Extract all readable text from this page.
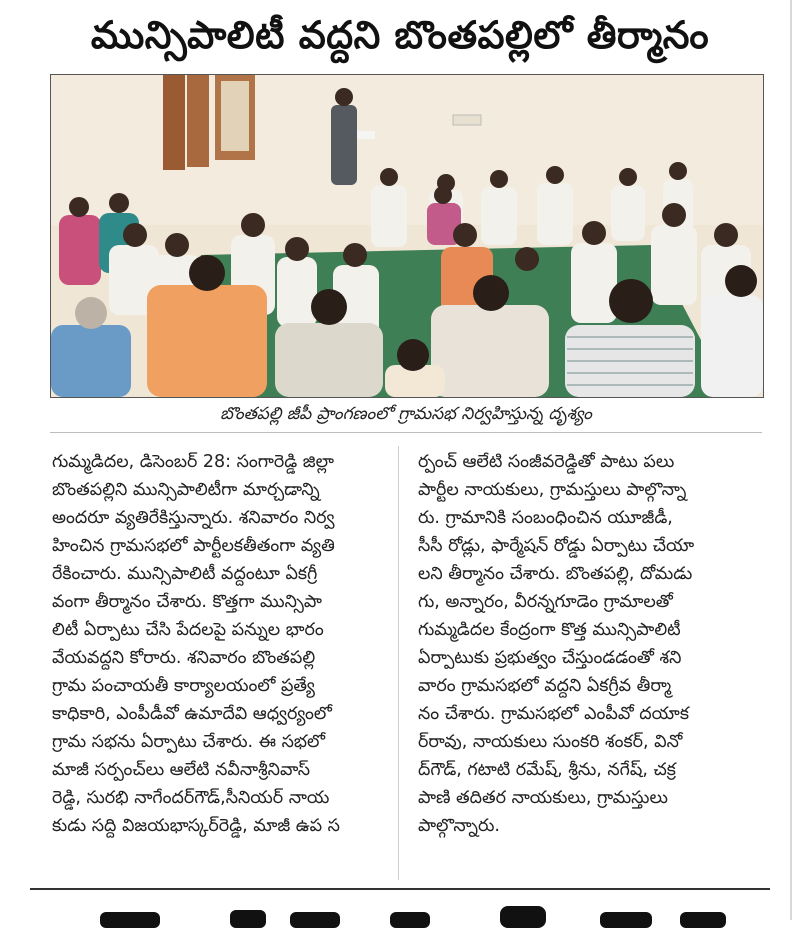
మున్సిపాలిటీ వద్దని బొంతపల్లిలో తీర్మానం
బొంతపల్లి జీపీ ప్రాంగణంలో గ్రామసభ నిర్వహిస్తున్న దృశ్యం
గుమ్మడిదల, డిసెంబర్ 28: సంగారెడ్డి జిల్లా
బొంతపల్లిని మున్సిపాలిటీగా మార్చడాన్ని
అందరూ వ్యతిరేకిస్తున్నారు. శనివారం నిర్వ
హించిన గ్రామసభలో పార్టీలకతీతంగా వ్యతి
రేకించారు. మున్సిపాలిటీ వద్దంటూ ఏకగ్రీ
వంగా తీర్మానం చేశారు. కొత్తగా మున్సిపా
లిటీ ఏర్పాటు చేసి పేదలపై పన్నుల భారం
వేయవద్దని కోరారు. శనివారం బొంతపల్లి
గ్రామ పంచాయతీ కార్యాలయంలో ప్రత్యే
కాధికారి, ఎంపీడీవో ఉమాదేవి ఆధ్వర్యంలో
గ్రామ సభను ఏర్పాటు చేశారు. ఈ సభలో
మాజీ సర్పంచ్‌లు ఆలేటి నవీనాశ్రీనివాస్
రెడ్డి, సురభి నాగేందర్‌గౌడ్,సీనియర్ నాయ
కుడు సద్ది విజయభాస్కర్‌రెడ్డి, మాజీ ఉప స
ర్పంచ్ ఆలేటి సంజీవరెడ్డితో పాటు పలు
పార్టీల నాయకులు, గ్రామస్తులు పాల్గొన్నా
రు. గ్రామానికి సంబంధించిన యూజీడీ,
సీసీ రోడ్లు, ఫార్మేషన్ రోడ్డు ఏర్పాటు చేయా
లని తీర్మానం చేశారు. బొంతపల్లి, దోమడు
గు, అన్నారం, వీరన్నగూడెం గ్రామాలతో
గుమ్మడిదల కేంద్రంగా కొత్త మున్సిపాలిటీ
ఏర్పాటుకు ప్రభుత్వం చేస్తుండడంతో శని
వారం గ్రామసభలో వద్దని ఏకగ్రీవ తీర్మా
నం చేశారు. గ్రామసభలో ఎంపీవో దయాక
ర్‌రావు, నాయకులు సుంకరి శంకర్, వినో
ద్‌గౌడ్, గటాటి రమేష్, శ్రీను, నగేష్, చక్ర
పాణి తదితర నాయకులు, గ్రామస్తులు
పాల్గొన్నారు.
